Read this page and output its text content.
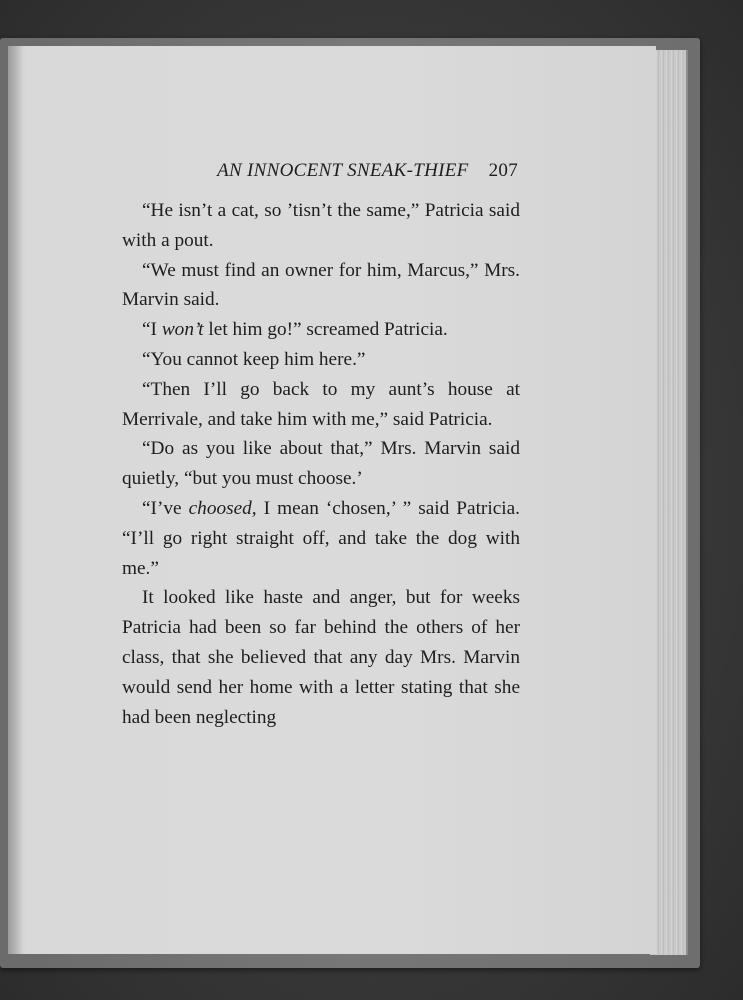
AN INNOCENT SNEAK-THIEF 207

“He isn’t a cat, so ’tisn’t the same,” Patricia said with a pout.

“We must find an owner for him, Marcus,” Mrs. Marvin said.

“I won’t let him go!” screamed Patricia.

“You cannot keep him here.”

“Then I’ll go back to my aunt’s house at Merrivale, and take him with me,” said Patricia.

“Do as you like about that,” Mrs. Marvin said quietly, “but you must choose.’

“I’ve choosed, I mean ‘chosen,’ ” said Patricia. “I’ll go right straight off, and take the dog with me.”

It looked like haste and anger, but for weeks Patricia had been so far behind the others of her class, that she believed that any day Mrs. Marvin would send her home with a letter stating that she had been neglecting
